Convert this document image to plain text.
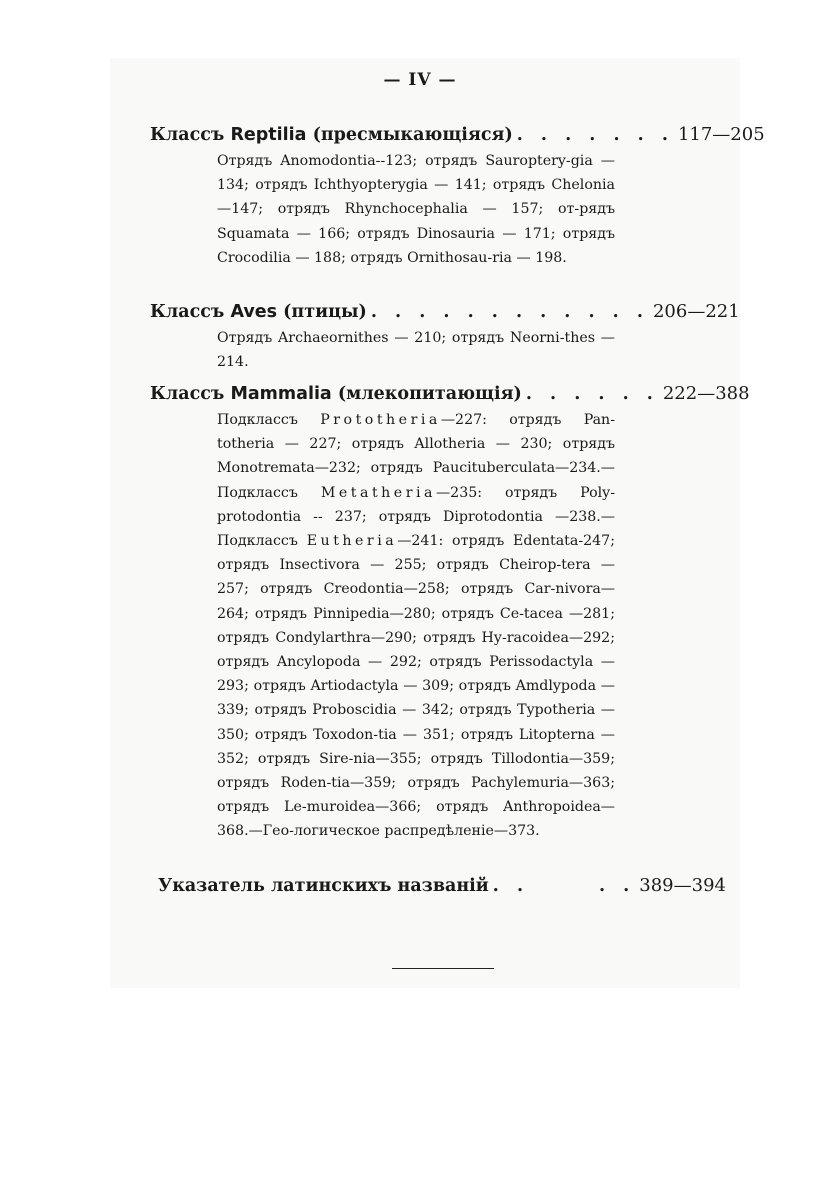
— IV —
Классъ
Reptilia
(пресмыкающіяся) . . . . . . . 117—205
Отрядъ Anomodontia--123; отрядъ Sauroptery-gia — 134; отрядъ Ichthyopterygia — 141; отрядъ Chelonia—147; отрядъ Rhynchocephalia — 157; от-рядъ Squamata — 166; отрядъ Dinosauria — 171; отрядъ Crocodilia — 188; отрядъ Ornithosau-ria — 198.
Классъ
Aves
(птицы) . . . . . . . . . . . . 206—221
Отрядъ Archaeornithes — 210; отрядъ Neorni-thes — 214.
Классъ
Mammalia
(млекопитающія) . . . . . . 222—388
Подклассъ Prototheria—227: отрядъ Pan-totheria — 227; отрядъ Allotheria — 230; отрядъ Monotremata—232; отрядъ Paucituberculata—234.— Подклассъ Metatheria—235: отрядъ Poly-protodontia -- 237; отрядъ Diprotodontia —238.— Подклассъ Eutheria—241: отрядъ Edentata-247; отрядъ Insectivora — 255; отрядъ Cheirop-tera — 257; отрядъ Creodontia—258; отрядъ Car-nivora—264; отрядъ Pinnipedia—280; отрядъ Ce-tacea —281; отрядъ Condylarthra—290; отрядъ Hy-racoidea—292; отрядъ Ancylopoda — 292; отрядъ Perissodactyla — 293; отрядъ Artiodactyla — 309; отрядъ Amdlypoda — 339; отрядъ Proboscidia — 342; отрядъ Typotheria — 350; отрядъ Toxodon-tia — 351; отрядъ Litopterna — 352; отрядъ Sire-nia—355; отрядъ Tillodontia—359; отрядъ Roden-tia—359; отрядъ Pachylemuria—363; отрядъ Le-muroidea—366; отрядъ Anthropoidea—368.—Гео-логическое распредѣленіе—373.
Указатель латинскихъ названій . .	. . 389—394
